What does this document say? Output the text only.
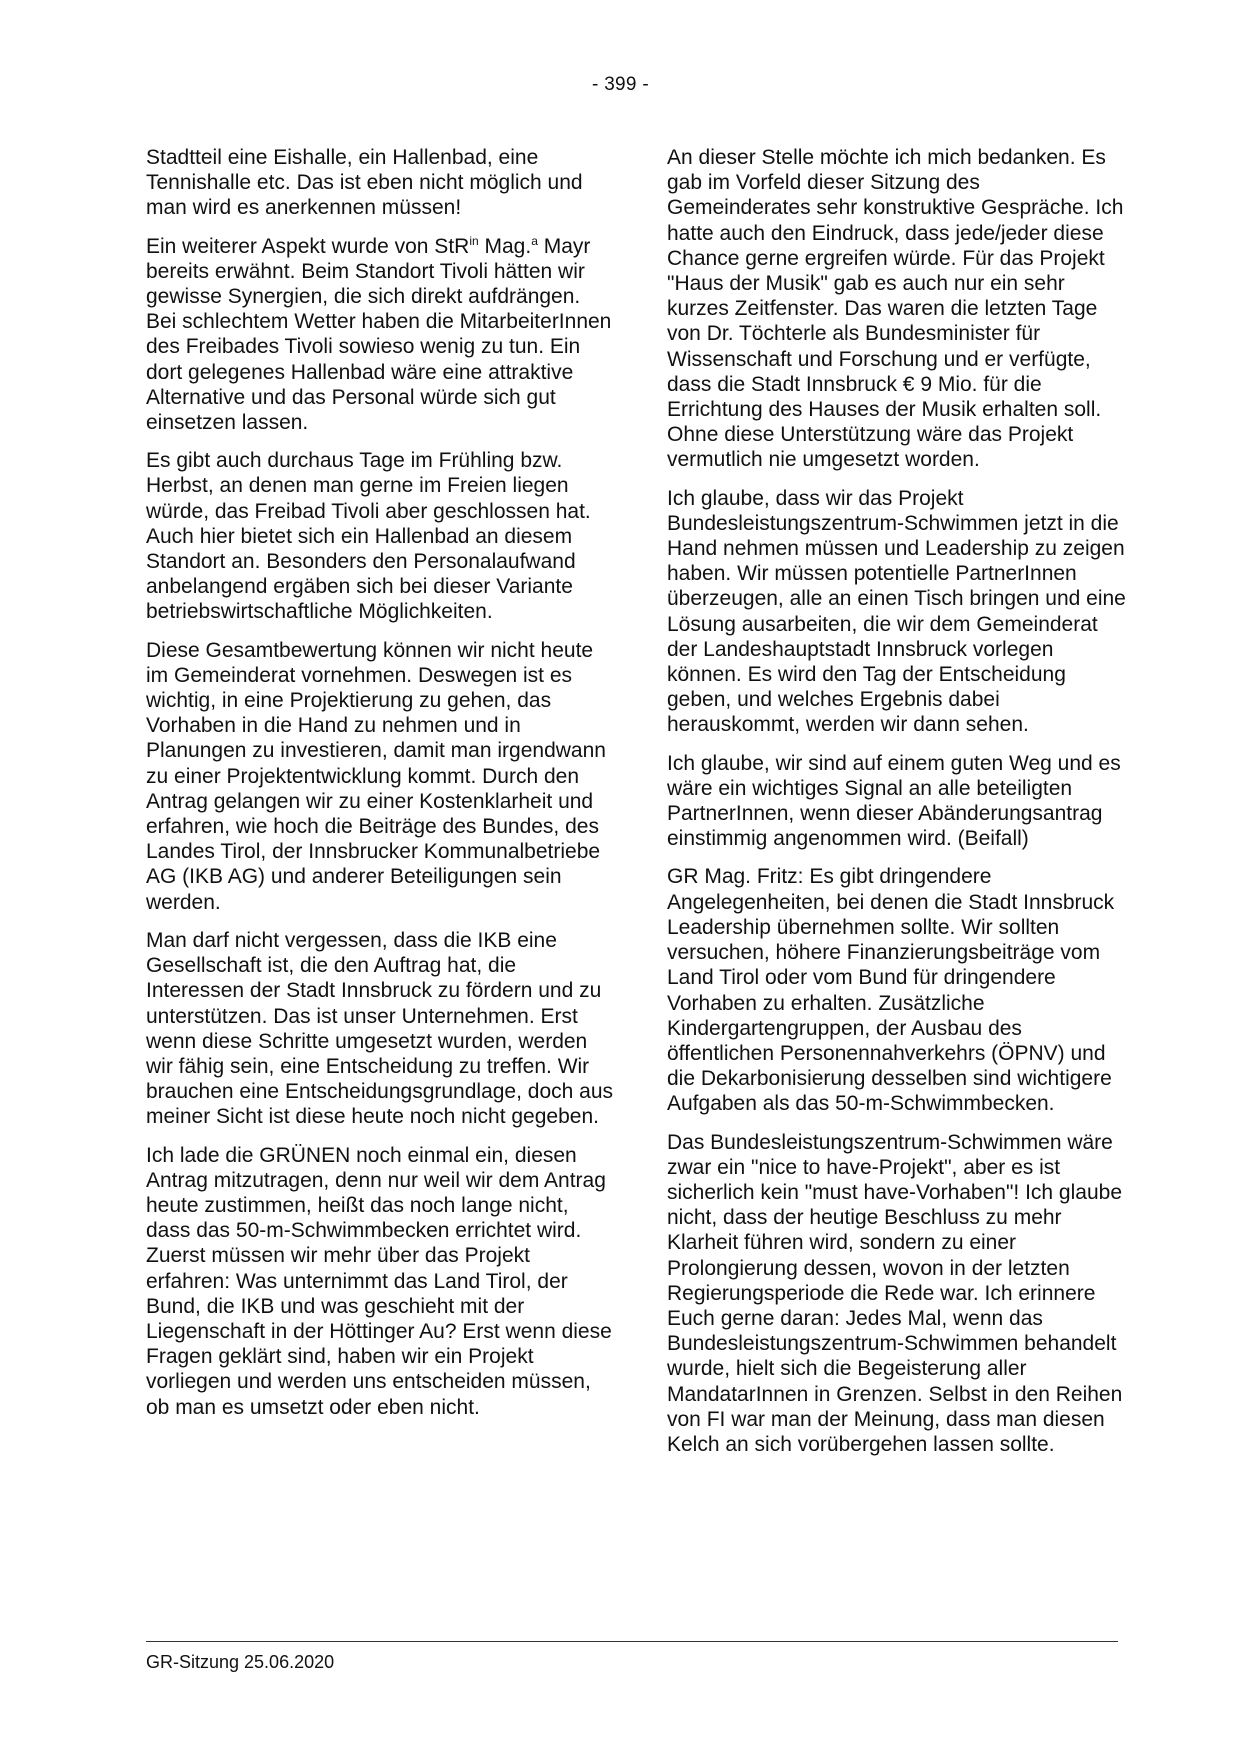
- 399 -

Stadtteil eine Eishalle, ein Hallenbad, eine Tennishalle etc. Das ist eben nicht möglich und man wird es anerkennen müssen!

Ein weiterer Aspekt wurde von StR$^{in}$ Mag.$^a$ Mayr bereits erwähnt. Beim Standort Tivoli hätten wir gewisse Synergien, die sich direkt aufdrängen. Bei schlechtem Wetter haben die MitarbeiterInnen des Freibades Tivoli sowieso wenig zu tun. Ein dort gelegenes Hallenbad wäre eine attraktive Alternative und das Personal würde sich gut einsetzen lassen.

Es gibt auch durchaus Tage im Frühling bzw. Herbst, an denen man gerne im Freien liegen würde, das Freibad Tivoli aber geschlossen hat. Auch hier bietet sich ein Hallenbad an diesem Standort an. Besonders den Personalaufwand anbelangend ergäben sich bei dieser Variante betriebswirtschaftliche Möglichkeiten.

Diese Gesamtbewertung können wir nicht heute im Gemeinderat vornehmen. Deswegen ist es wichtig, in eine Projektierung zu gehen, das Vorhaben in die Hand zu nehmen und in Planungen zu investieren, damit man irgendwann zu einer Projektentwicklung kommt. Durch den Antrag gelangen wir zu einer Kostenklarheit und erfahren, wie hoch die Beiträge des Bundes, des Landes Tirol, der Innsbrucker Kommunalbetriebe AG (IKB AG) und anderer Beteiligungen sein werden.

Man darf nicht vergessen, dass die IKB eine Gesellschaft ist, die den Auftrag hat, die Interessen der Stadt Innsbruck zu fördern und zu unterstützen. Das ist unser Unternehmen. Erst wenn diese Schritte umgesetzt wurden, werden wir fähig sein, eine Entscheidung zu treffen. Wir brauchen eine Entscheidungsgrundlage, doch aus meiner Sicht ist diese heute noch nicht gegeben.

Ich lade die GRÜNEN noch einmal ein, diesen Antrag mitzutragen, denn nur weil wir dem Antrag heute zustimmen, heißt das noch lange nicht, dass das 50-m-Schwimmbecken errichtet wird. Zuerst müssen wir mehr über das Projekt erfahren: Was unternimmt das Land Tirol, der Bund, die IKB und was geschieht mit der Liegenschaft in der Höttinger Au? Erst wenn diese Fragen geklärt sind, haben wir ein Projekt vorliegen und werden uns entscheiden müssen, ob man es umsetzt oder eben nicht.

An dieser Stelle möchte ich mich bedanken. Es gab im Vorfeld dieser Sitzung des Gemeinderates sehr konstruktive Gespräche. Ich hatte auch den Eindruck, dass jede/jeder diese Chance gerne ergreifen würde. Für das Projekt "Haus der Musik" gab es auch nur ein sehr kurzes Zeitfenster. Das waren die letzten Tage von Dr. Töchterle als Bundesminister für Wissenschaft und Forschung und er verfügte, dass die Stadt Innsbruck € 9 Mio. für die Errichtung des Hauses der Musik erhalten soll. Ohne diese Unterstützung wäre das Projekt vermutlich nie umgesetzt worden.

Ich glaube, dass wir das Projekt Bundesleistungszentrum-Schwimmen jetzt in die Hand nehmen müssen und Leadership zu zeigen haben. Wir müssen potentielle PartnerInnen überzeugen, alle an einen Tisch bringen und eine Lösung ausarbeiten, die wir dem Gemeinderat der Landeshauptstadt Innsbruck vorlegen können. Es wird den Tag der Entscheidung geben, und welches Ergebnis dabei herauskommt, werden wir dann sehen.

Ich glaube, wir sind auf einem guten Weg und es wäre ein wichtiges Signal an alle beteiligten PartnerInnen, wenn dieser Abänderungsantrag einstimmig angenommen wird. (Beifall)

GR Mag. Fritz: Es gibt dringendere Angelegenheiten, bei denen die Stadt Innsbruck Leadership übernehmen sollte. Wir sollten versuchen, höhere Finanzierungsbeiträge vom Land Tirol oder vom Bund für dringendere Vorhaben zu erhalten. Zusätzliche Kindergartengruppen, der Ausbau des öffentlichen Personennahverkehrs (ÖPNV) und die Dekarbonisierung desselben sind wichtigere Aufgaben als das 50-m-Schwimmbecken.

Das Bundesleistungszentrum-Schwimmen wäre zwar ein "nice to have-Projekt", aber es ist sicherlich kein "must have-Vorhaben"! Ich glaube nicht, dass der heutige Beschluss zu mehr Klarheit führen wird, sondern zu einer Prolongierung dessen, wovon in der letzten Regierungsperiode die Rede war. Ich erinnere Euch gerne daran: Jedes Mal, wenn das Bundesleistungszentrum-Schwimmen behandelt wurde, hielt sich die Begeisterung aller MandatarInnen in Grenzen. Selbst in den Reihen von FI war man der Meinung, dass man diesen Kelch an sich vorübergehen lassen sollte.

GR-Sitzung 25.06.2020
